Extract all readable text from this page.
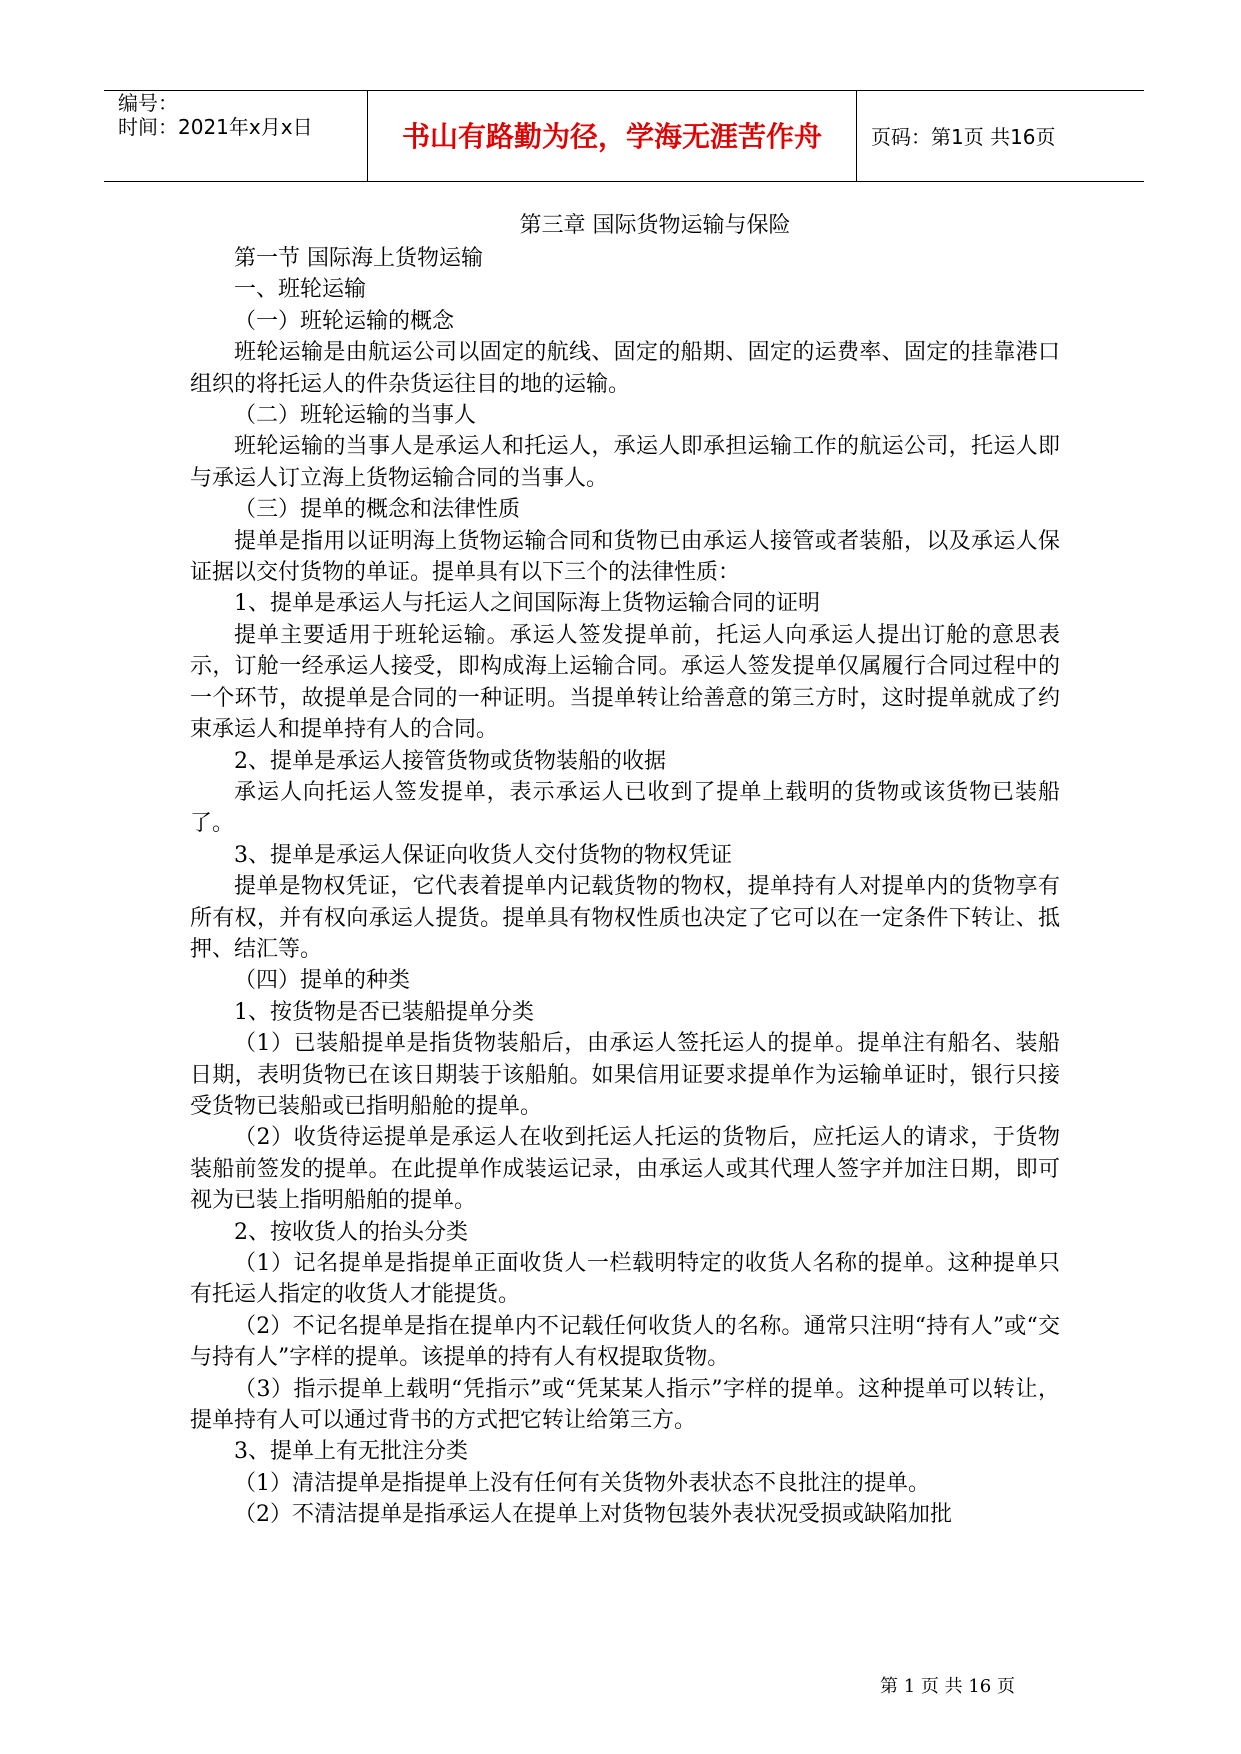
编号：
时间：2021年x月x日	书山有路勤为径，学海无涯苦作舟	页码：第1页 共16页
第三章 国际货物运输与保险

第一节 国际海上货物运输

一、班轮运输

（一）班轮运输的概念

班轮运输是由航运公司以固定的航线、固定的船期、固定的运费率、固定的挂靠港口组织的将托运人的件杂货运往目的地的运输。

（二）班轮运输的当事人

班轮运输的当事人是承运人和托运人，承运人即承担运输工作的航运公司，托运人即与承运人订立海上货物运输合同的当事人。

（三）提单的概念和法律性质

提单是指用以证明海上货物运输合同和货物已由承运人接管或者装船，以及承运人保证据以交付货物的单证。提单具有以下三个的法律性质：

1、提单是承运人与托运人之间国际海上货物运输合同的证明

提单主要适用于班轮运输。承运人签发提单前，托运人向承运人提出订舱的意思表示，订舱一经承运人接受，即构成海上运输合同。承运人签发提单仅属履行合同过程中的一个环节，故提单是合同的一种证明。当提单转让给善意的第三方时，这时提单就成了约束承运人和提单持有人的合同。

2、提单是承运人接管货物或货物装船的收据

承运人向托运人签发提单，表示承运人已收到了提单上载明的货物或该货物已装船了。

3、提单是承运人保证向收货人交付货物的物权凭证

提单是物权凭证，它代表着提单内记载货物的物权，提单持有人对提单内的货物享有所有权，并有权向承运人提货。提单具有物权性质也决定了它可以在一定条件下转让、抵押、结汇等。

（四）提单的种类

1、按货物是否已装船提单分类

（1）已装船提单是指货物装船后，由承运人签托运人的提单。提单注有船名、装船日期，表明货物已在该日期装于该船舶。如果信用证要求提单作为运输单证时，银行只接受货物已装船或已指明船舱的提单。

（2）收货待运提单是承运人在收到托运人托运的货物后，应托运人的请求，于货物装船前签发的提单。在此提单作成装运记录，由承运人或其代理人签字并加注日期，即可视为已装上指明船舶的提单。

2、按收货人的抬头分类

（1）记名提单是指提单正面收货人一栏载明特定的收货人名称的提单。这种提单只有托运人指定的收货人才能提货。

（2）不记名提单是指在提单内不记载任何收货人的名称。通常只注明“持有人”或“交与持有人”字样的提单。该提单的持有人有权提取货物。

（3）指示提单上载明“凭指示”或“凭某某人指示”字样的提单。这种提单可以转让，提单持有人可以通过背书的方式把它转让给第三方。

3、提单上有无批注分类

（1）清洁提单是指提单上没有任何有关货物外表状态不良批注的提单。

（2）不清洁提单是指承运人在提单上对货物包装外表状况受损或缺陷加批

第 1 页 共 16 页
